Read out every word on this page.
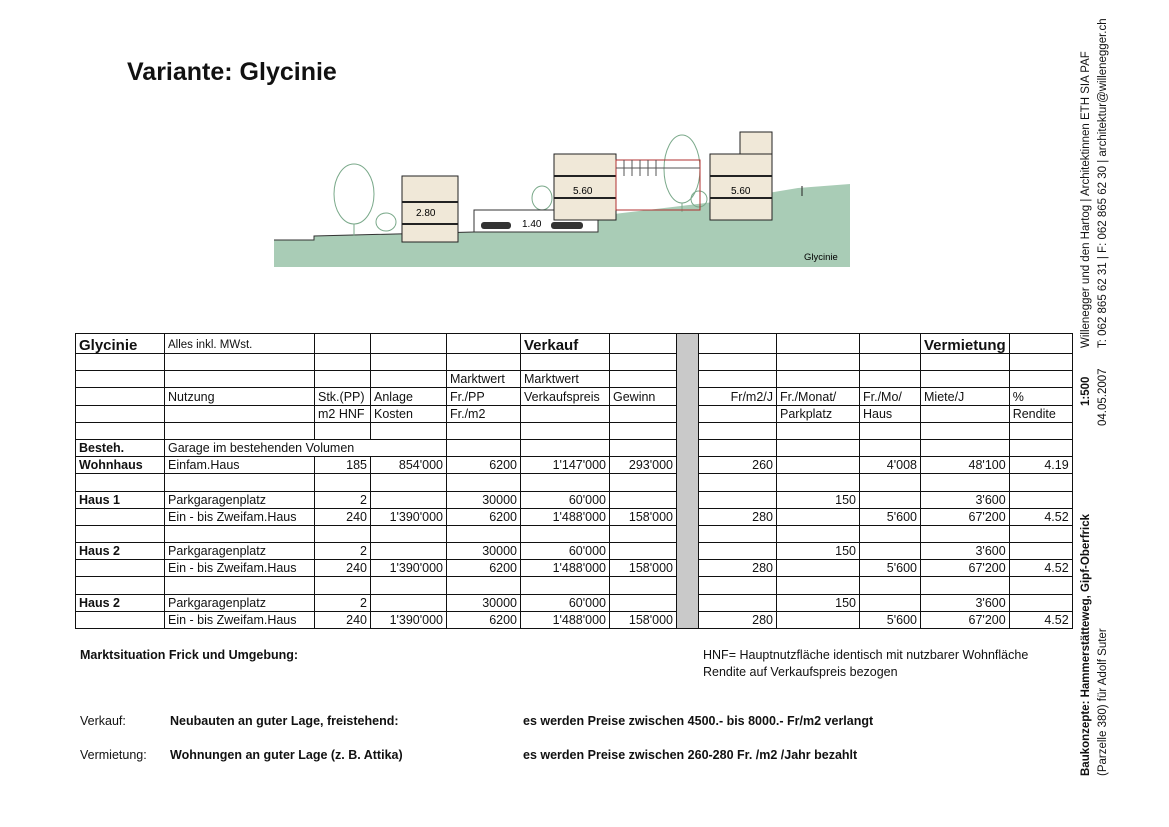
Variante: Glycinie
2.80
1.40
5.60	5.60
Glycinie
Glycinie	Alles inkl. MWst.				Verkauf						Vermietung	

				Marktwert	Marktwert							
	Nutzung	Stk.(PP)	Anlage	Fr./PP	Verkaufspreis	Gewinn		Fr/m2/J	Fr./Monat/	Fr./Mo/	Miete/J	%
		m2 HNF	Kosten	Fr./m2					Parkplatz	Haus		Rendite

Besteh.	Garage im bestehenden Volumen											
Wohnhaus	Einfam.Haus	185	854'000	6200	1'147'000	293'000		260		4'008	48'100	4.19

Haus 1	Parkgaragenplatz	2		30000	60'000				150		3'600	
	Ein - bis Zweifam.Haus	240	1'390'000	6200	1'488'000	158'000		280		5'600	67'200	4.52

Haus 2	Parkgaragenplatz	2		30000	60'000				150		3'600	
	Ein - bis Zweifam.Haus	240	1'390'000	6200	1'488'000	158'000		280		5'600	67'200	4.52

Haus 2	Parkgaragenplatz	2		30000	60'000				150		3'600	
	Ein - bis Zweifam.Haus	240	1'390'000	6200	1'488'000	158'000		280		5'600	67'200	4.52
Marktsituation Frick und Umgebung:	HNF= Hauptnutzfläche identisch mit nutzbarer Wohnfläche
Rendite auf Verkaufspreis bezogen
Verkauf:	Neubauten an guter Lage, freistehend:	es werden Preise zwischen 4500.- bis 8000.- Fr/m2 verlangt
Vermietung: Wohnungen an guter Lage (z. B. Attika)	es werden Preise zwischen 260-280 Fr. /m2 /Jahr bezahlt	Baukonzepte: Hammerstätteweg, Gipf-Oberfrick (Parzelle 380) für Adolf Suter
1:500 04.05.2007
Willenegger und den Hartog | Architektinnen ETH SIA PAF T: 062 865 62 31 | F: 062 865 62 30 | architektur@willenegger.ch
